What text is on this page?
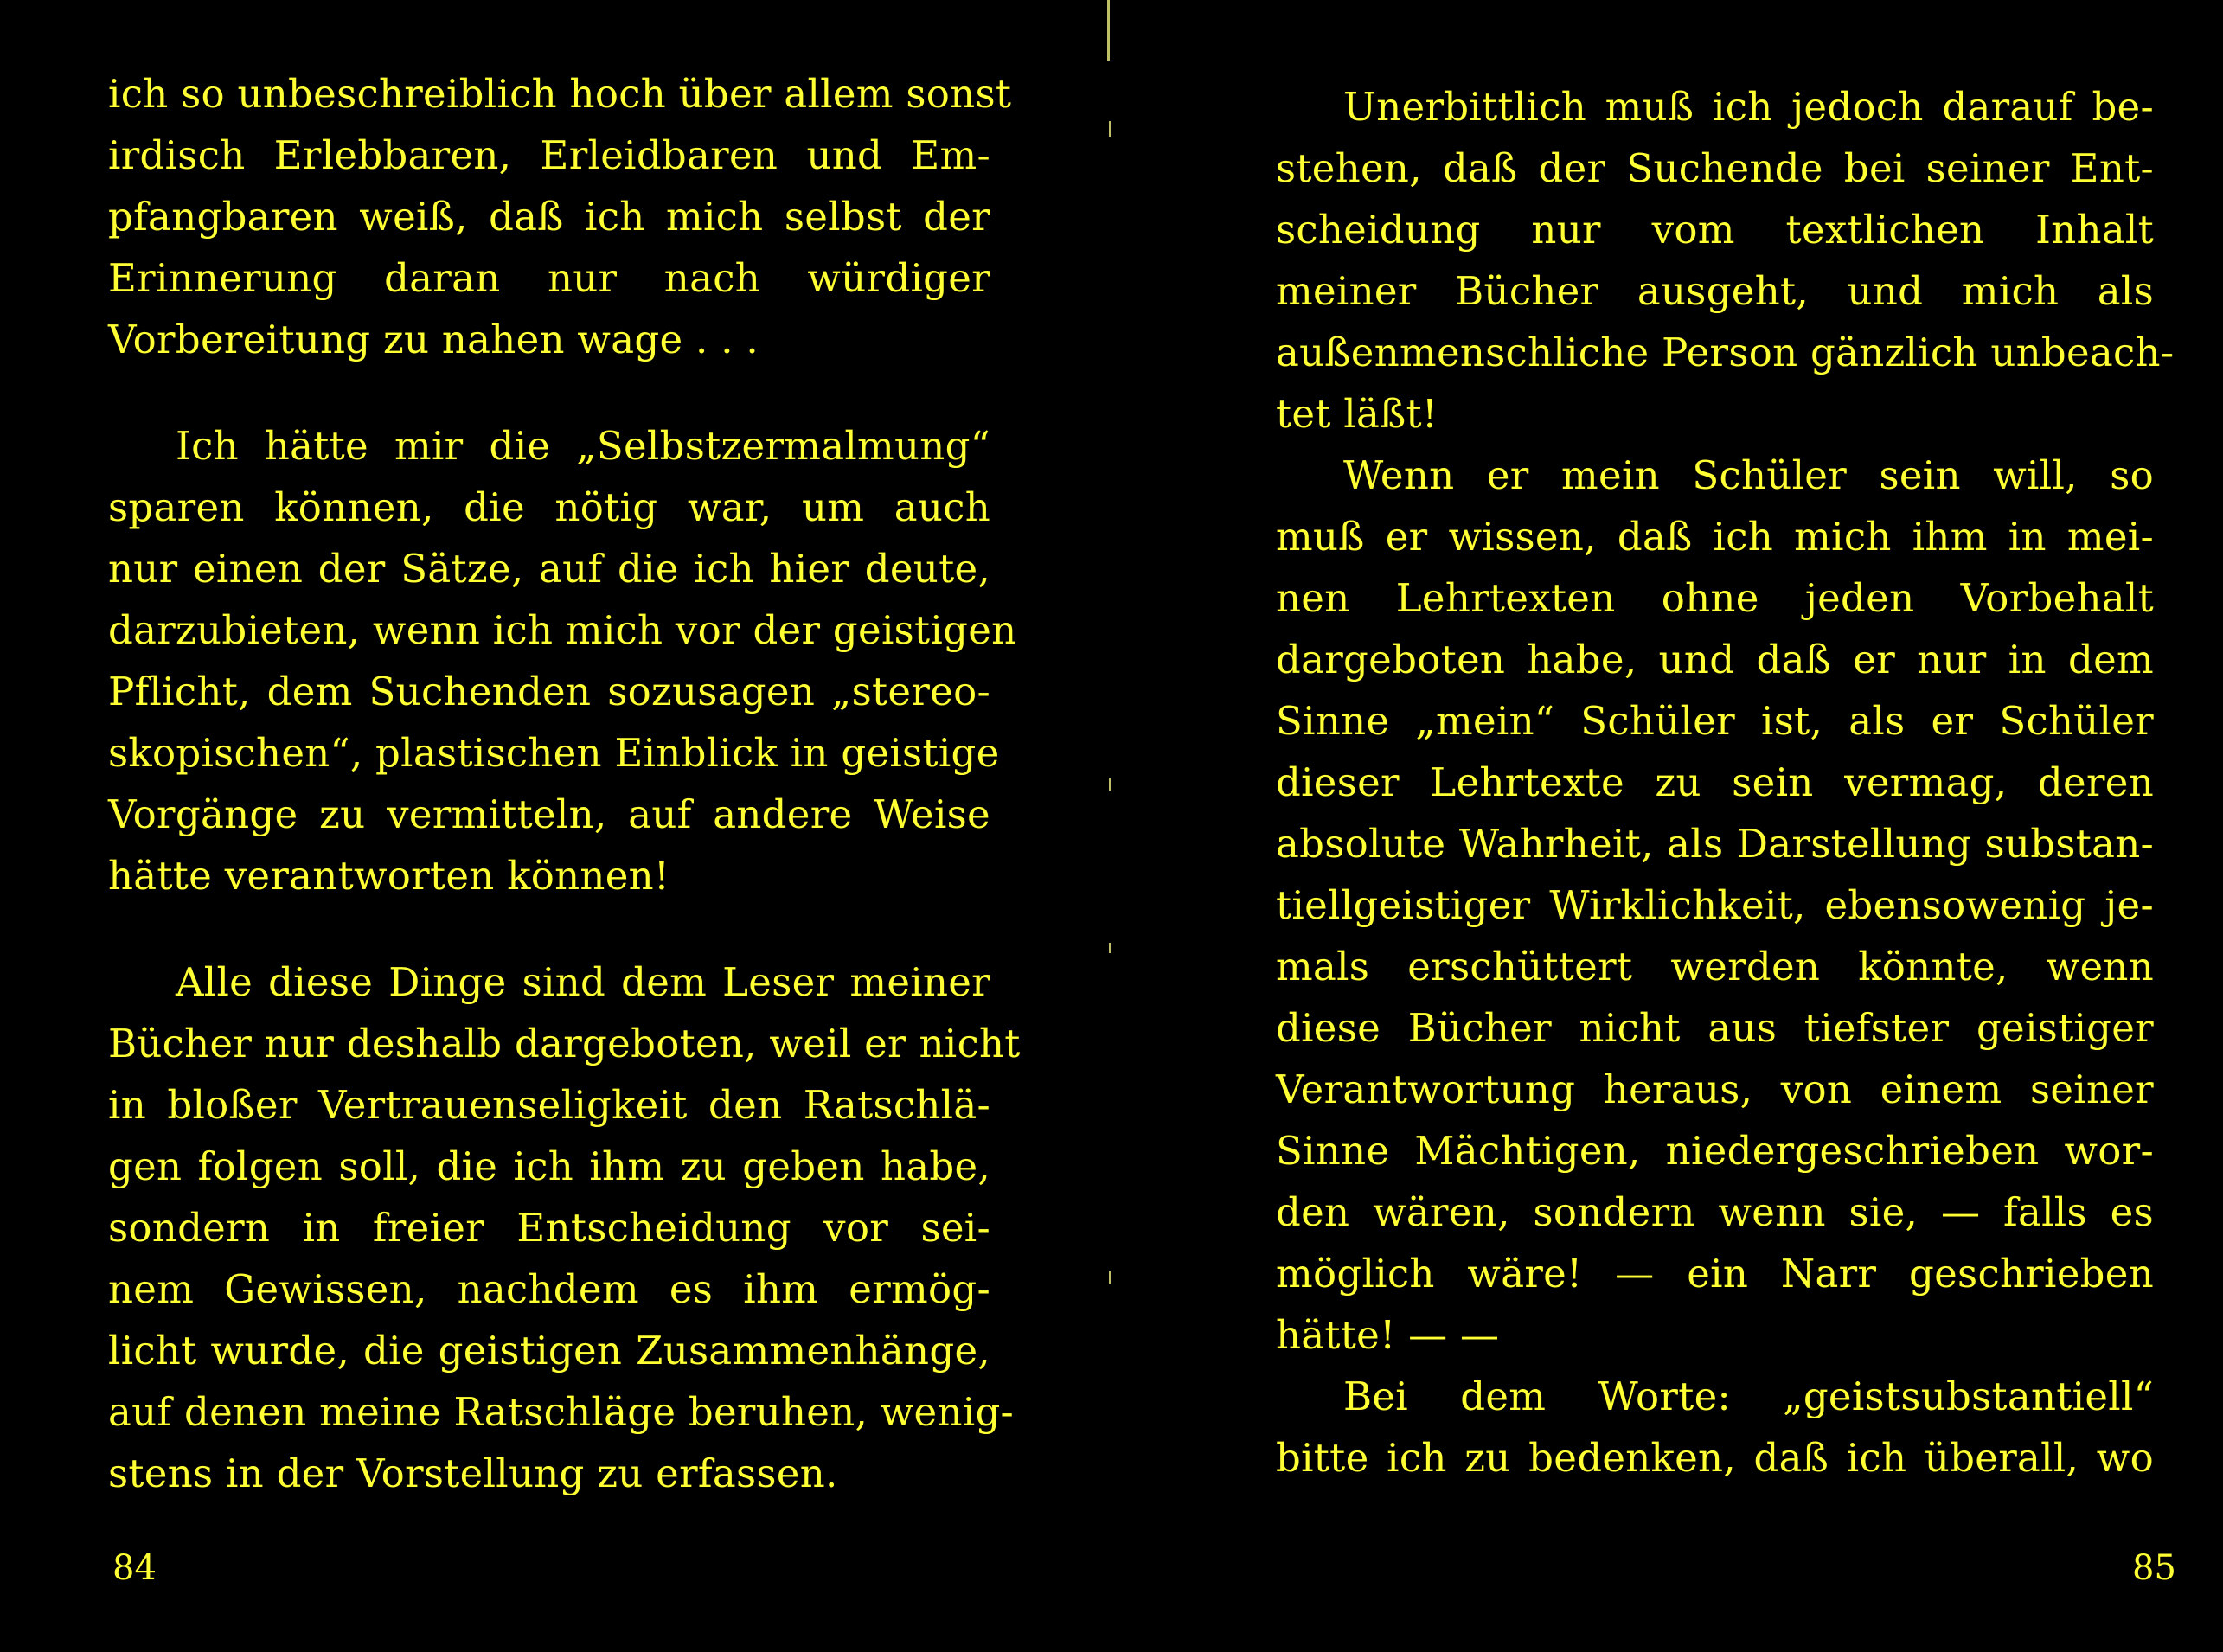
ich so unbeschreiblich hoch über allem sonst
irdisch Erlebbaren, Erleidbaren und Em-
pfangbaren weiß, daß ich mich selbst der
Erinnerung daran nur nach würdiger
Vorbereitung zu nahen wage . . .
Ich hätte mir die „Selbstzermalmung“
sparen können, die nötig war, um auch
nur einen der Sätze, auf die ich hier deute,
darzubieten, wenn ich mich vor der geistigen
Pflicht, dem Suchenden sozusagen „stereo-
skopischen“, plastischen Einblick in geistige
Vorgänge zu vermitteln, auf andere Weise
hätte verantworten können!
Alle diese Dinge sind dem Leser meiner
Bücher nur deshalb dargeboten, weil er nicht
in bloßer Vertrauenseligkeit den Ratschlä-
gen folgen soll, die ich ihm zu geben habe,
sondern in freier Entscheidung vor sei-
nem Gewissen, nachdem es ihm ermög-
licht wurde, die geistigen Zusammenhänge,
auf denen meine Ratschläge beruhen, wenig-
stens in der Vorstellung zu erfassen.
84
Unerbittlich muß ich jedoch darauf be-
stehen, daß der Suchende bei seiner Ent-
scheidung nur vom textlichen Inhalt
meiner Bücher ausgeht, und mich als
außenmenschliche Person gänzlich unbeach-
tet läßt!
Wenn er mein Schüler sein will, so
muß er wissen, daß ich mich ihm in mei-
nen Lehrtexten ohne jeden Vorbehalt
dargeboten habe, und daß er nur in dem
Sinne „mein“ Schüler ist, als er Schüler
dieser Lehrtexte zu sein vermag, deren
absolute Wahrheit, als Darstellung substan-
tiellgeistiger Wirklichkeit, ebensowenig je-
mals erschüttert werden könnte, wenn
diese Bücher nicht aus tiefster geistiger
Verantwortung heraus, von einem seiner
Sinne Mächtigen, niedergeschrieben wor-
den wären, sondern wenn sie, — falls es
möglich wäre! — ein Narr geschrieben
hätte! — —
Bei dem Worte: „geistsubstantiell“
bitte ich zu bedenken, daß ich überall, wo
85
